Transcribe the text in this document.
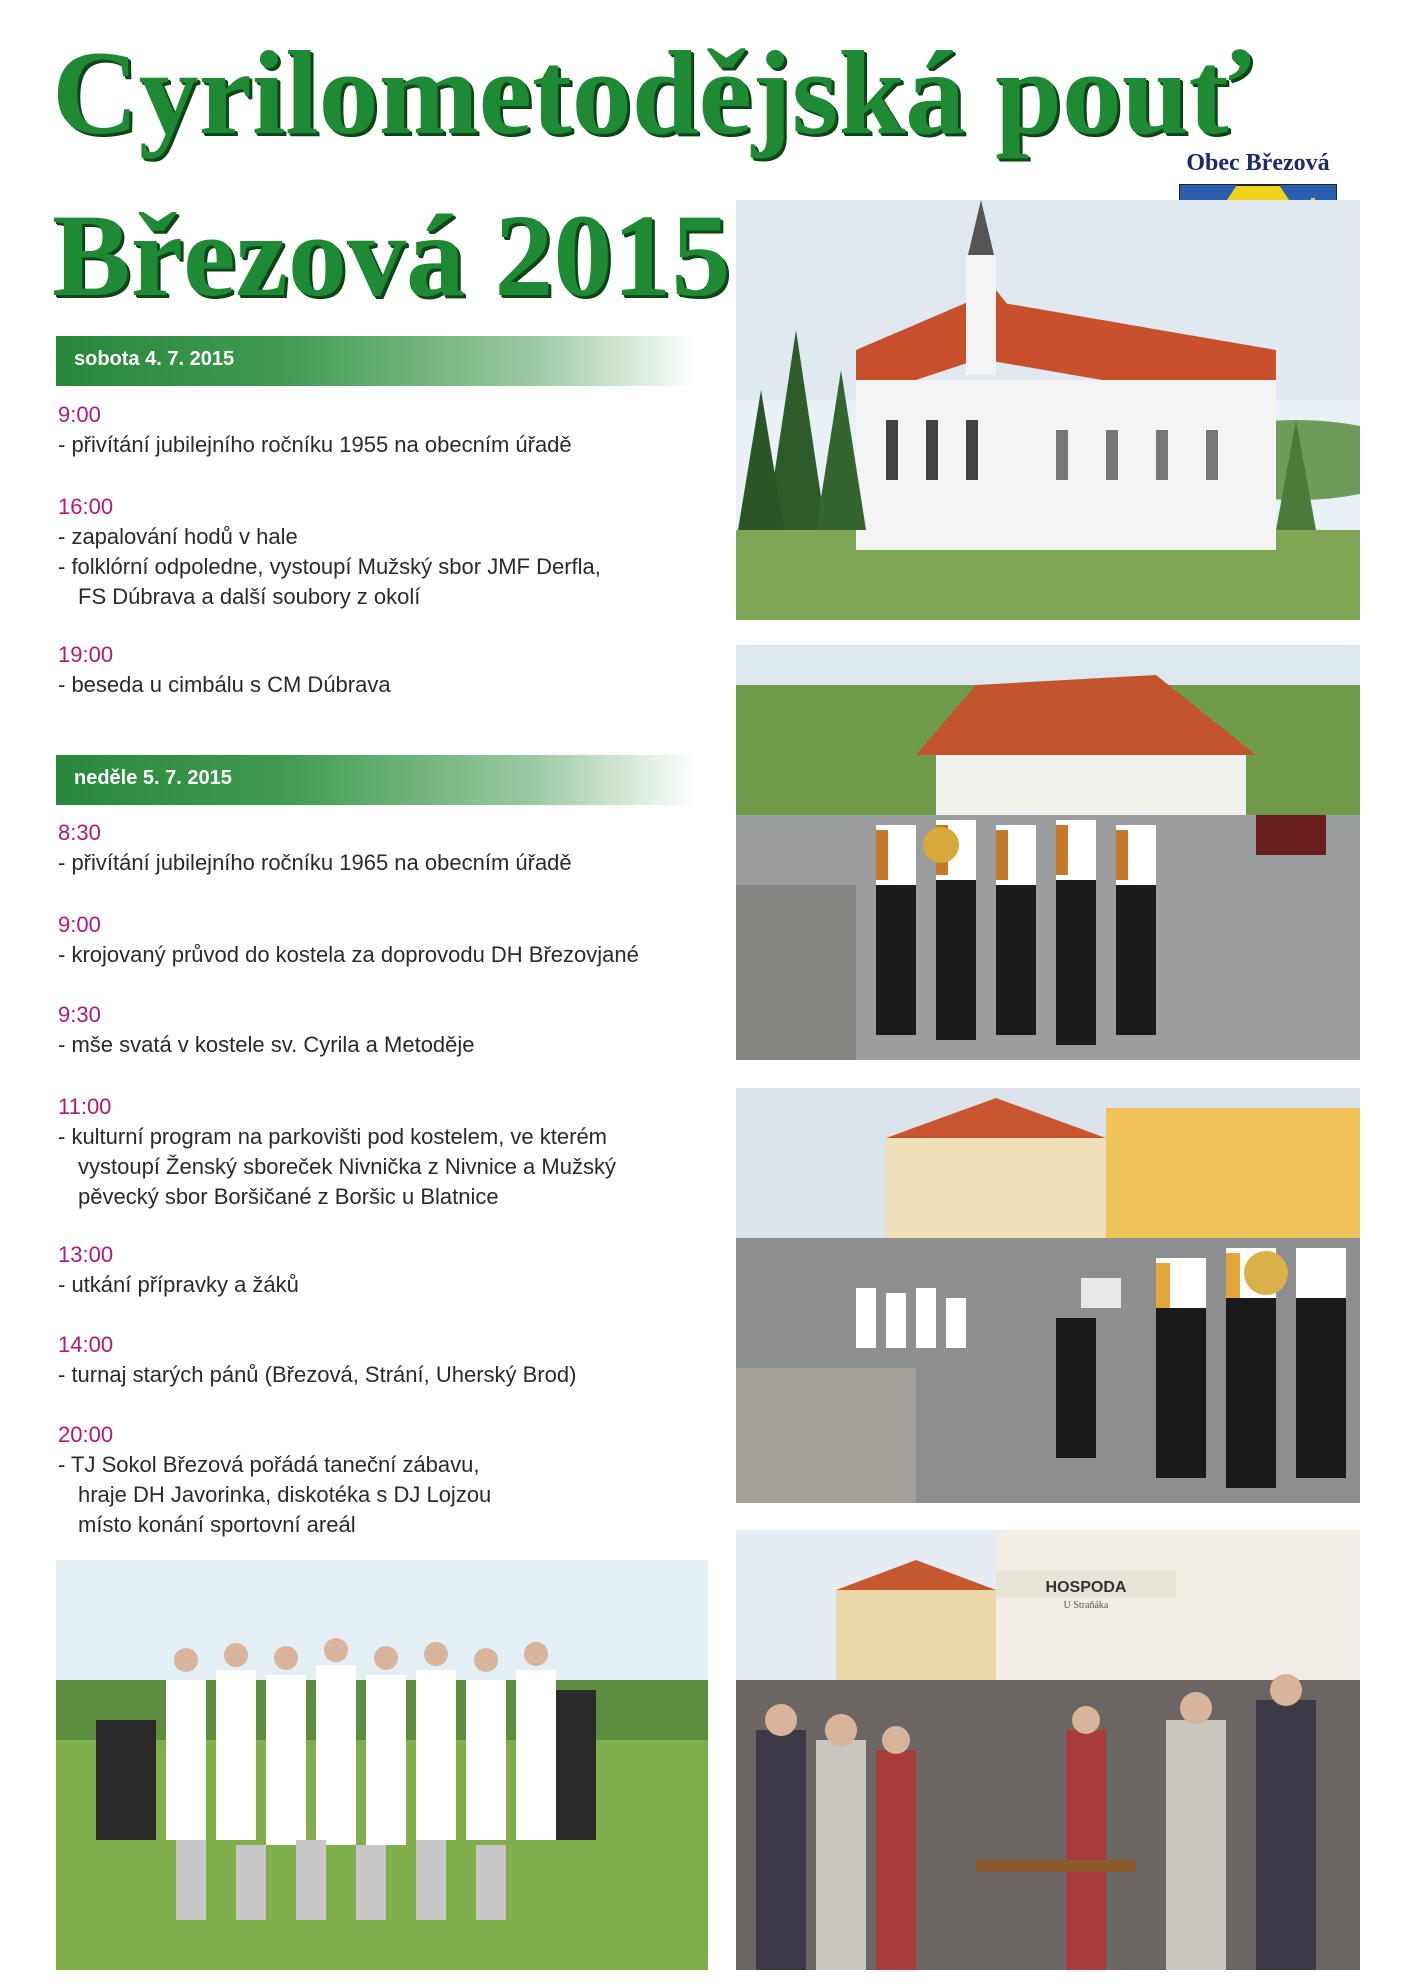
Cyrilometodějská pouť
Březová 2015
Obec Březová
sobota 4. 7. 2015
9:00
- přivítání jubilejního ročníku 1955 na obecním úřadě
16:00
- zapalování hodů v hale
- folklórní odpoledne, vystoupí Mužský sbor JMF Derfla,
FS Dúbrava a další soubory z okolí
19:00
- beseda u cimbálu s CM Dúbrava
neděle 5. 7. 2015
8:30
- přivítání jubilejního ročníku 1965 na obecním úřadě
9:00
- krojovaný průvod do kostela za doprovodu DH Březovjané
9:30
- mše svatá v kostele sv. Cyrila a Metoděje
11:00
- kulturní program na parkovišti pod kostelem, ve kterém
vystoupí Ženský sboreček Nivnička z Nivnice a Mužský
pěvecký sbor Boršičané z Boršic u Blatnice
13:00
- utkání přípravky a žáků
14:00
- turnaj starých pánů (Březová, Strání, Uherský Brod)
20:00
- TJ Sokol Březová pořádá taneční zábavu,
hraje DH Javorinka, diskotéka s DJ Lojzou
místo konání sportovní areál
HOSPODA
U Straňáka
